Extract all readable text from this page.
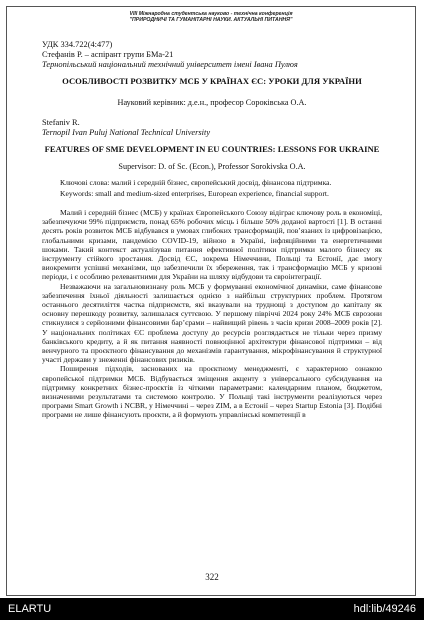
VIII Міжнародна студентська науково - технічна конференція
"ПРИРОДНИЧІ ТА ГУМАНІТАРНІ НАУКИ. АКТУАЛЬНІ ПИТАННЯ"
УДК 334.722(4:477)
Стефанів Р. – аспірант групи БМа-21
Тернопільський національний технічний університет імені Івана Пулюя
ОСОБЛИВОСТІ РОЗВИТКУ МСБ У КРАЇНАХ ЄС: УРОКИ ДЛЯ УКРАЇНИ
Науковий керівник: д.е.н., професор Сороківська О.А.
Stefaniv R.
Ternopil Ivan Puluj National Technical University
FEATURES OF SME DEVELOPMENT IN EU COUNTRIES: LESSONS FOR UKRAINE
Supervisor: D. of Sc. (Econ.), Professor Sorokivska O.A.

Ключові слова: малий і середній бізнес, європейський досвід, фінансова підтримка.

Keywords: small and medium-sized enterprises, European experience, financial support.

Малий і середній бізнес (МСБ) у країнах Європейського Союзу відіграє ключову роль в економіці, забезпечуючи 99% підприємств, понад 65% робочих місць і більше 50% доданої вартості [1]. В останні десять років розвиток МСБ відбувався в умовах глибоких трансформацій, пов’язаних із цифровізацією, глобальними кризами, пандемією COVID-19, війною в Україні, інфляційними та енергетичними шоками. Такий контекст актуалізував питання ефективної політики підтримки малого бізнесу як інструменту стійкого зростання. Досвід ЄС, зокрема Німеччини, Польщі та Естонії, дає змогу виокремити успішні механізми, що забезпечили їх збереження, так і трансформацію МСБ у кризові періоди, і є особливо релевантними для України на шляху відбудови та євроінтеграції.

Незважаючи на загальновизнану роль МСБ у формуванні економічної динаміки, саме фінансове забезпечення їхньої діяльності залишається однією з найбільш структурних проблем. Протягом останнього десятиліття частка підприємств, які вказували на труднощі з доступом до капіталу як основну перешкоду розвитку, залишалася суттєвою. У першому півріччі 2024 року 24% МСБ єврозони стикнулися з серйозними фінансовими бар’єрами – найвищий рівень з часів кризи 2008–2009 років [2]. У національних політиках ЄС проблема доступу до ресурсів розглядається не тільки через призму банківського кредиту, а й як питання наявності повноцінної архітектури фінансової підтримки – від венчурного та проєктного фінансування до механізмів гарантування, мікрофінансування й структурної участі держави у знеженні фінансових ризиків.

Поширення підходів, заснованих на проєктному менеджменті, є характерною ознакою європейської підтримки МСБ. Відбувається зміщення акценту з універсального субсидування на підтримку конкретних бізнес-проєктів із чіткими параметрами: календарним планом, бюджетом, визначеними результатами та системою контролю. У Польщі такі інструменти реалізуються через програми Smart Growth і NCBR, у Німеччині – через ZIM, а в Естонії – через Startup Estonia [3]. Подібні програми не лише фінансують проєкти, а й формують управлінські компетенції в

322
ELARTU	hdl:lib/49246
